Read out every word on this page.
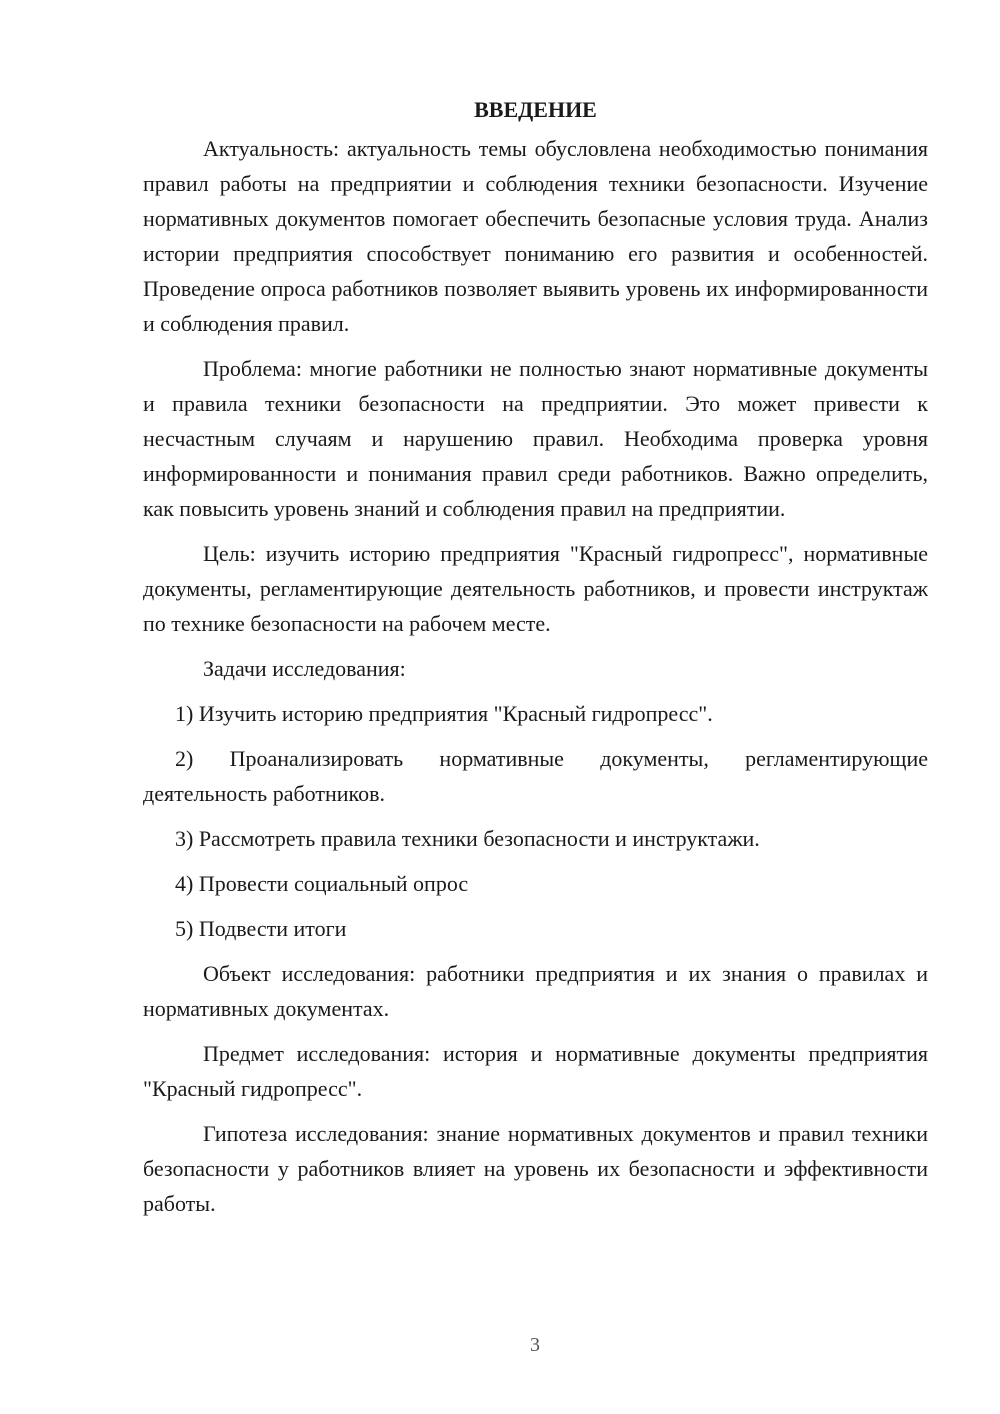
ВВЕДЕНИЕ

Актуальность: актуальность темы обусловлена необходимостью понимания правил работы на предприятии и соблюдения техники безопасности. Изучение нормативных документов помогает обеспечить безопасные условия труда. Анализ истории предприятия способствует пониманию его развития и особенностей. Проведение опроса работников позволяет выявить уровень их информированности и соблюдения правил.

Проблема: многие работники не полностью знают нормативные документы и правила техники безопасности на предприятии. Это может привести к несчастным случаям и нарушению правил. Необходима проверка уровня информированности и понимания правил среди работников. Важно определить, как повысить уровень знаний и соблюдения правил на предприятии.

Цель: изучить историю предприятия "Красный гидропресс", нормативные документы, регламентирующие деятельность работников, и провести инструктаж по технике безопасности на рабочем месте.

Задачи исследования:

1) Изучить историю предприятия "Красный гидропресс".

2) Проанализировать нормативные документы, регламентирующие деятельность работников.

3) Рассмотреть правила техники безопасности и инструктажи.

4) Провести социальный опрос

5) Подвести итоги

Объект исследования: работники предприятия и их знания о правилах и нормативных документах.

Предмет исследования: история и нормативные документы предприятия "Красный гидропресс".

Гипотеза исследования: знание нормативных документов и правил техники безопасности у работников влияет на уровень их безопасности и эффективности работы.

3
